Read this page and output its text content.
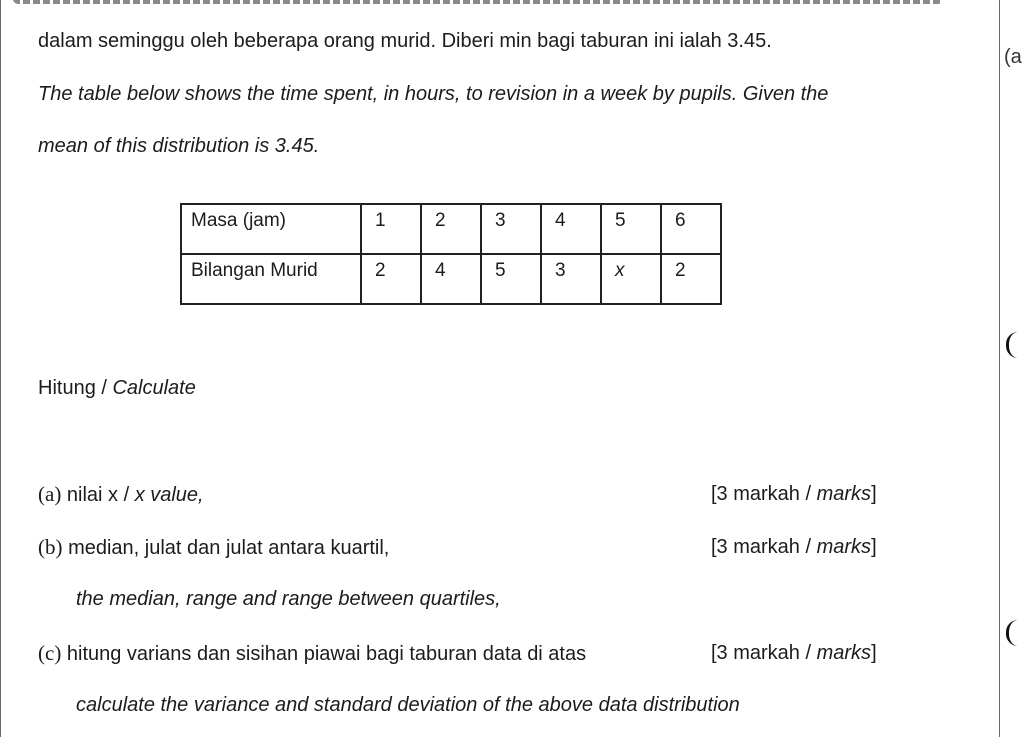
dalam seminggu oleh beberapa orang murid. Diberi min bagi taburan ini ialah 3.45.
The table below shows the time spent, in hours, to revision in a week by pupils. Given the
mean of this distribution is 3.45.
Masa (jam)	1	2	3	4	5	6
Bilangan Murid	2	4	5	3	x	2
Hitung / Calculate
(a) nilai x / x value,	[3 markah / marks]
(b) median, julat dan julat antara kuartil,	[3 markah / marks]
the median, range and range between quartiles,
(c) hitung varians dan sisihan piawai bagi taburan data di atas	[3 markah / marks]
calculate the variance and standard deviation of the above data distribution
(a
